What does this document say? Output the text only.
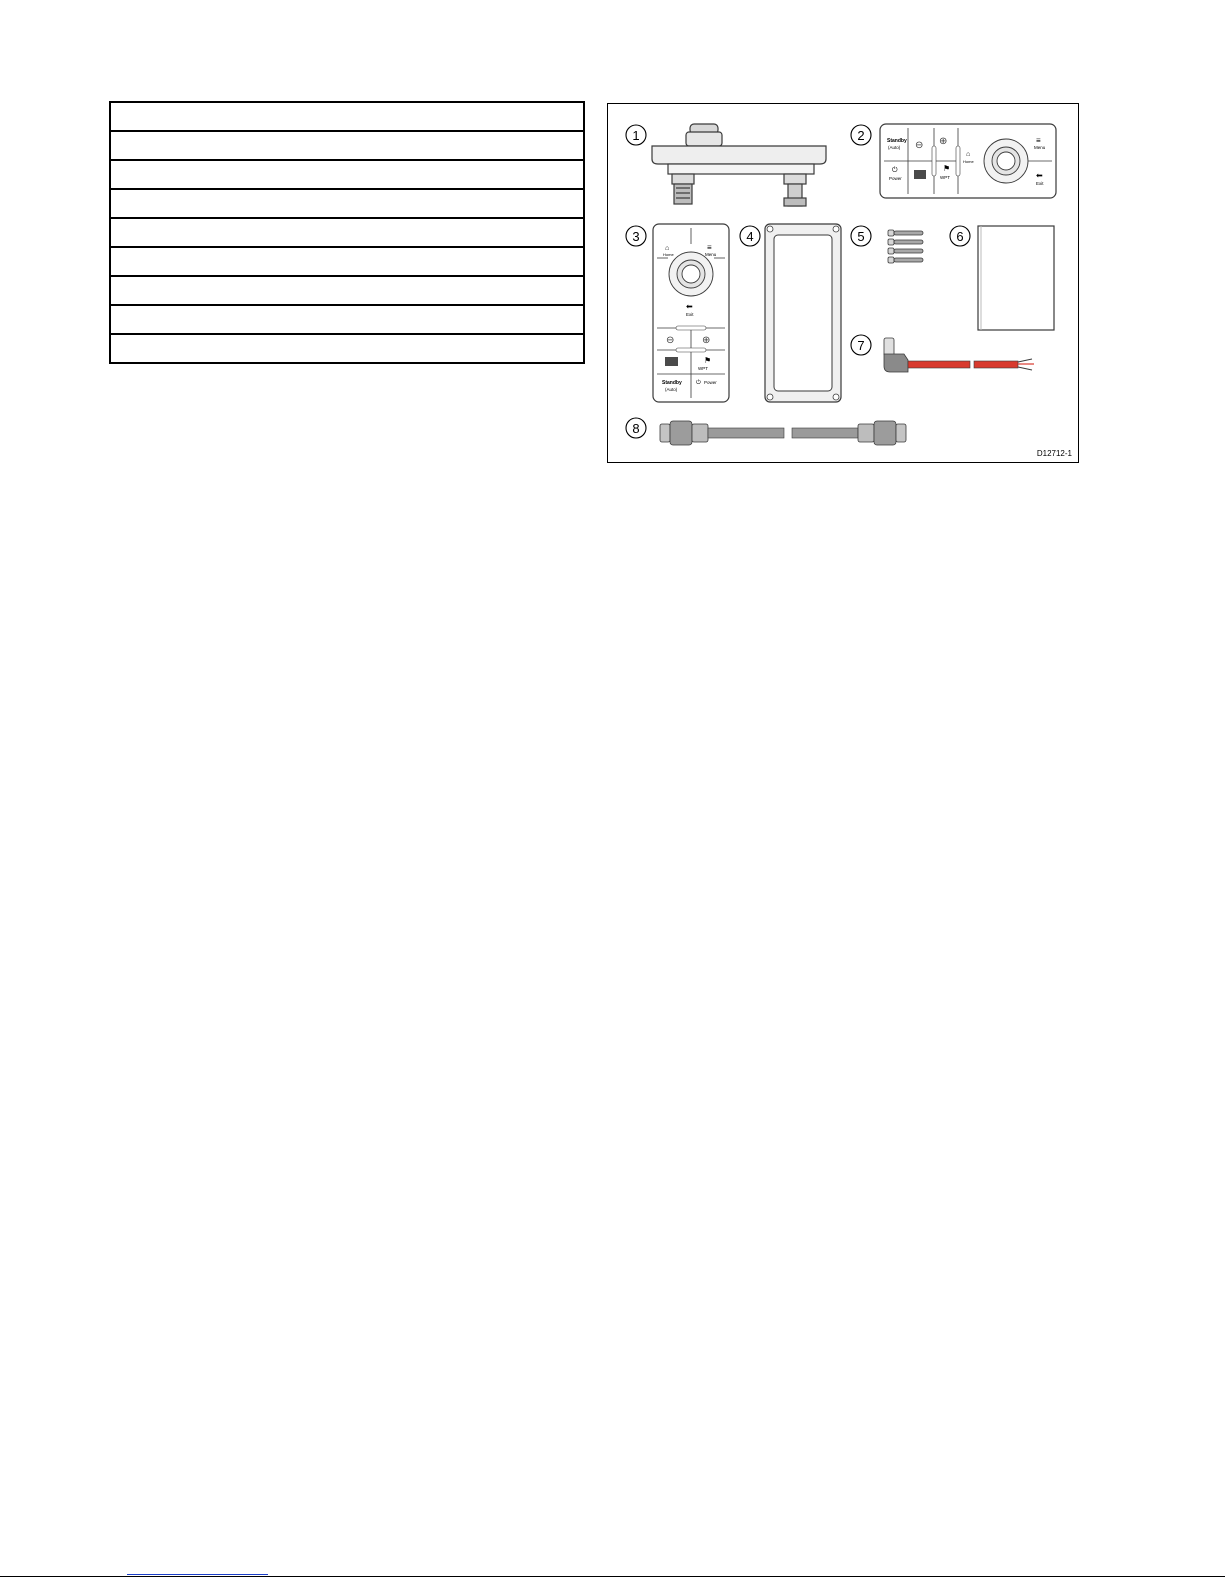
Standby
(Auto)
⏻
Power
⊖ ⊕
⚑
WPT
⌂
Home
≡
Menu
⬅
Exit
⌂
Home
≡
Menu
⬅
Exit
⊖	⊕
⚑
WPT
Standby
(Auto)
⏻ Power
1	2
3	4	5	6
7
8
D12712-1
